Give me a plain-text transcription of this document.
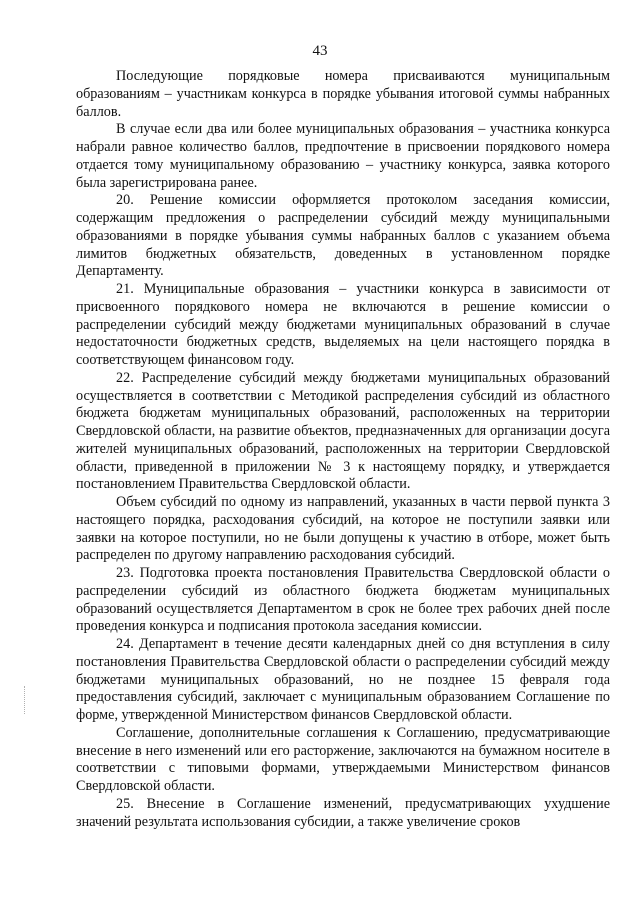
43

Последующие порядковые номера присваиваются муниципальным образованиям – участникам конкурса в порядке убывания итоговой суммы набранных баллов.

В случае если два или более муниципальных образования – участника конкурса набрали равное количество баллов, предпочтение в присвоении порядкового номера отдается тому муниципальному образованию – участнику конкурса, заявка которого была зарегистрирована ранее.

20. Решение комиссии оформляется протоколом заседания комиссии, содержащим предложения о распределении субсидий между муниципальными образованиями в порядке убывания суммы набранных баллов с указанием объема лимитов бюджетных обязательств, доведенных в установленном порядке Департаменту.

21. Муниципальные образования – участники конкурса в зависимости от присвоенного порядкового номера не включаются в решение комиссии о распределении субсидий между бюджетами муниципальных образований в случае недостаточности бюджетных средств, выделяемых на цели настоящего порядка в соответствующем финансовом году.

22. Распределение субсидий между бюджетами муниципальных образований осуществляется в соответствии с Методикой распределения субсидий из областного бюджета бюджетам муниципальных образований, расположенных на территории Свердловской области, на развитие объектов, предназначенных для организации досуга жителей муниципальных образований, расположенных на территории Свердловской области, приведенной в приложении № 3 к настоящему порядку, и утверждается постановлением Правительства Свердловской области.

Объем субсидий по одному из направлений, указанных в части первой пункта 3 настоящего порядка, расходования субсидий, на которое не поступили заявки или заявки на которое поступили, но не были допущены к участию в отборе, может быть распределен по другому направлению расходования субсидий.

23. Подготовка проекта постановления Правительства Свердловской области о распределении субсидий из областного бюджета бюджетам муниципальных образований осуществляется Департаментом в срок не более трех рабочих дней после проведения конкурса и подписания протокола заседания комиссии.

24. Департамент в течение десяти календарных дней со дня вступления в силу постановления Правительства Свердловской области о распределении субсидий между бюджетами муниципальных образований, но не позднее 15 февраля года предоставления субсидий, заключает с муниципальным образованием Соглашение по форме, утвержденной Министерством финансов Свердловской области.

Соглашение, дополнительные соглашения к Соглашению, предусматривающие внесение в него изменений или его расторжение, заключаются на бумажном носителе в соответствии с типовыми формами, утверждаемыми Министерством финансов Свердловской области.

25. Внесение в Соглашение изменений, предусматривающих ухудшение значений результата использования субсидии, а также увеличение сроков
